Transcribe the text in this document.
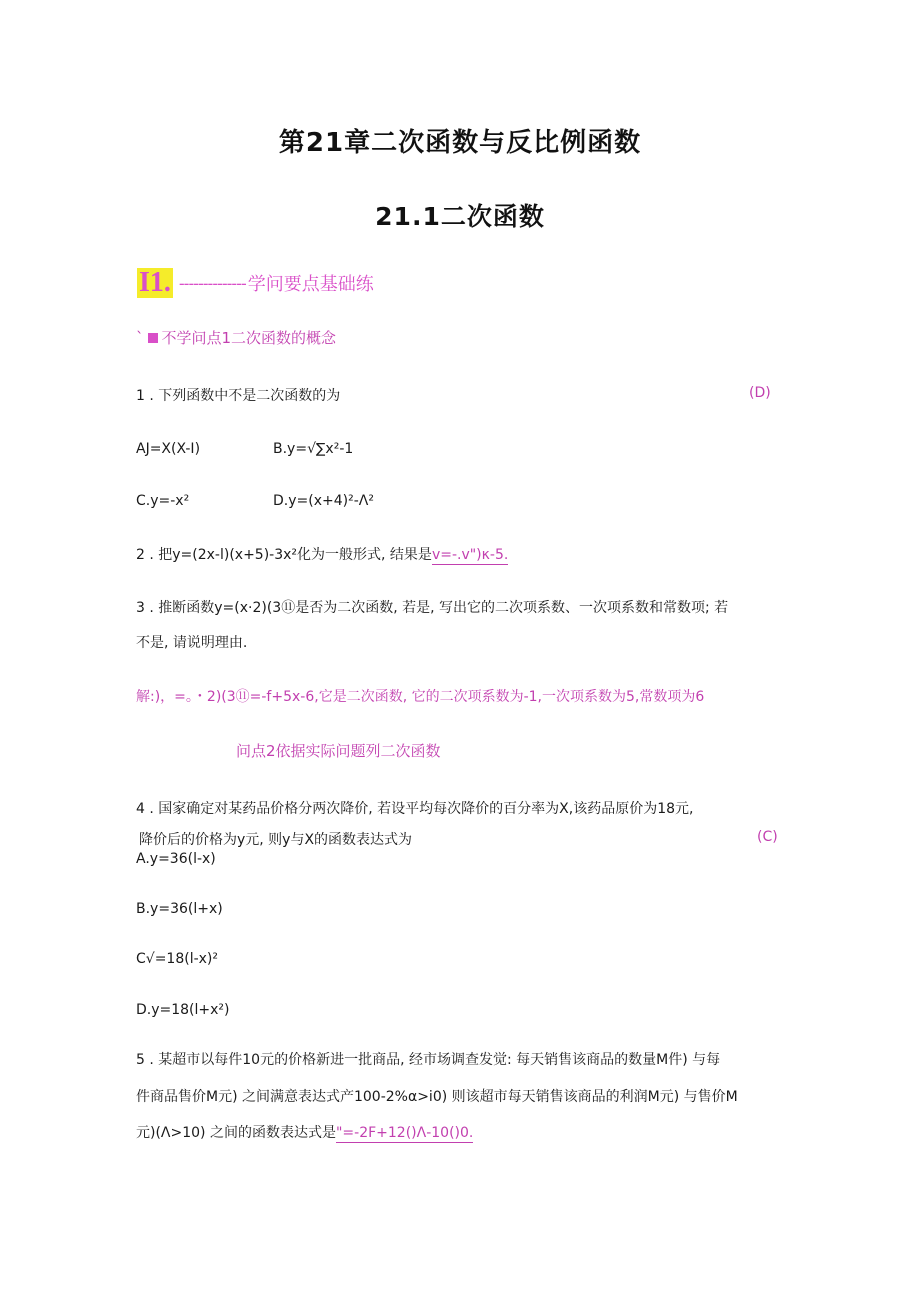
第21章二次函数与反比例函数
21.1二次函数
I1. -------------- 学问要点基础练
` 不学问点1二次函数的概念
1 . 下列函数中不是二次函数的为	(D)
AJ=X(X-I)	B.y=√∑x²-1
C.y=-x²	D.y=(x+4)²-Λ²
2 . 把y=(2x-l)(x+5)-3x²化为一般形式, 结果是v=-.v")κ-5.
3 . 推断函数y=(x·2)(3⑪是否为二次函数, 若是, 写出它的二次项系数、一次项系数和常数项; 若
不是, 请说明理由.
解:)，=。・2)(3⑪=-f+5x-6,它是二次函数, 它的二次项系数为-1,一次项系数为5,常数项为6
问点2依据实际问题列二次函数
4 . 国家确定对某药品价格分两次降价, 若设平均每次降价的百分率为X,该药品原价为18元,
降价后的价格为y元, 则y与X的函数表达式为	(C)
A.y=36(l-x)
B.y=36(l+x)
C√=18(l-x)²
D.y=18(l+x²)
5 . 某超市以每件10元的价格新进一批商品, 经市场调查发觉: 每天销售该商品的数量M件) 与每
件商品售价M元) 之间满意表达式产100-2%α>i0) 则该超市每天销售该商品的利润M元) 与售价M
元)(Λ>10) 之间的函数表达式是"=-2F+12()Λ-10()0.
